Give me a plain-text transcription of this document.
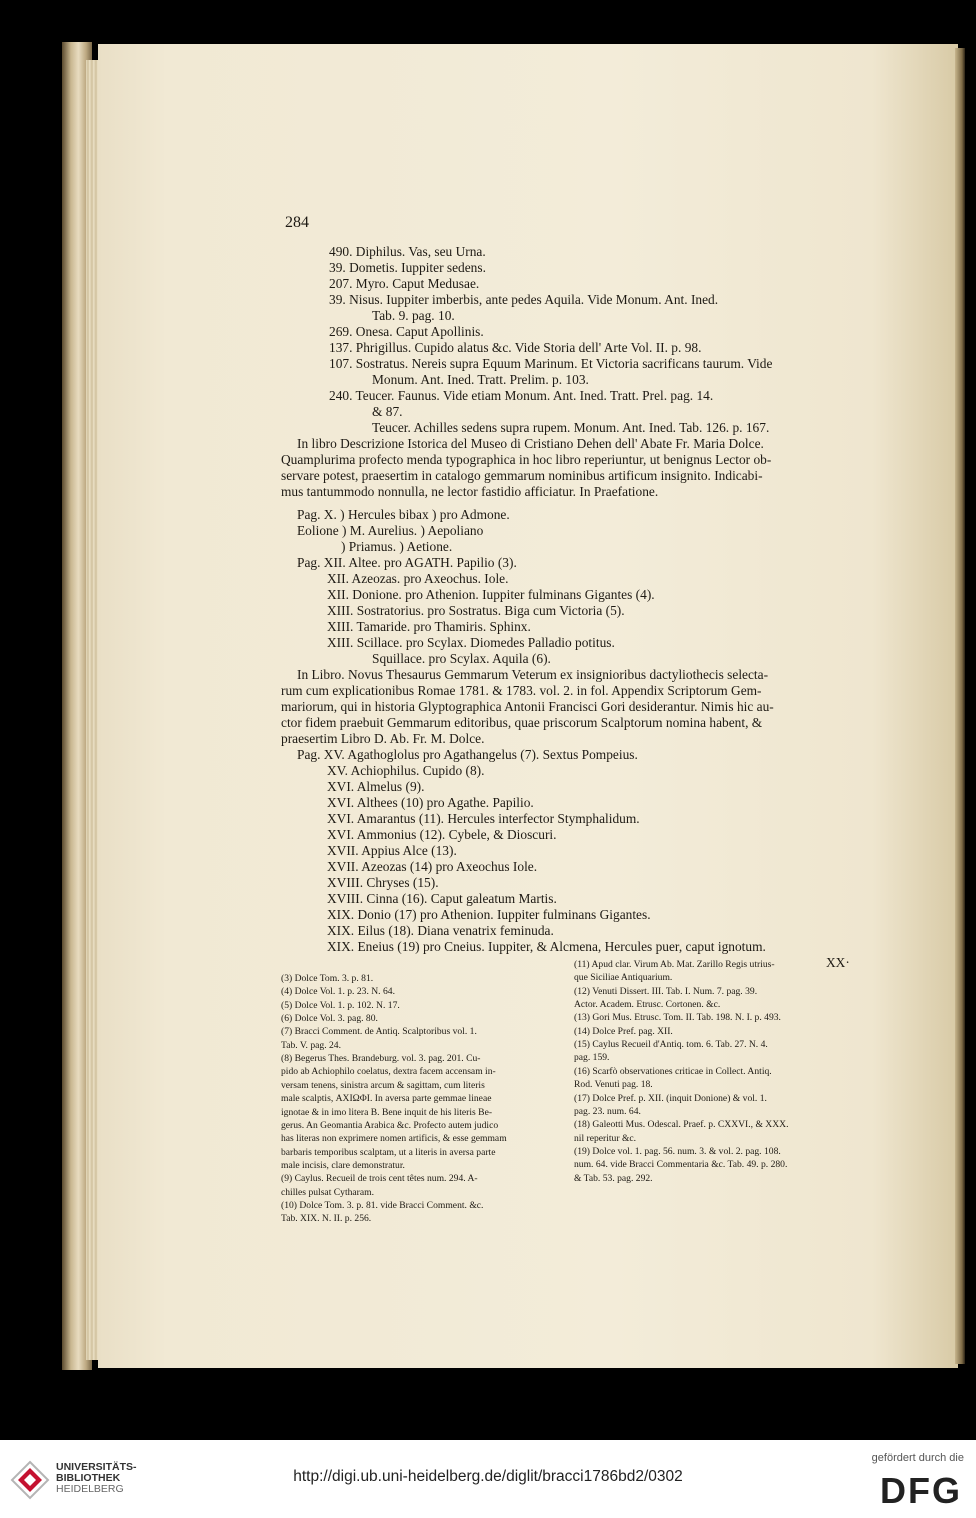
284
490. Diphilus. Vas, seu Urna.
39. Dometis. Iuppiter sedens.
207. Myro. Caput Medusae.
39. Nisus. Iuppiter imberbis, ante pedes Aquila. Vide Monum. Ant. Ined.
Tab. 9. pag. 10.
269. Onesa. Caput Apollinis.
137. Phrigillus. Cupido alatus &c. Vide Storia dell' Arte Vol. II. p. 98.
107. Sostratus. Nereis supra Equum Marinum. Et Victoria sacrificans taurum. Vide
Monum. Ant. Ined. Tratt. Prelim. p. 103.
240. Teucer. Faunus. Vide etiam Monum. Ant. Ined. Tratt. Prel. pag. 14.
& 87.
Teucer. Achilles sedens supra rupem. Monum. Ant. Ined. Tab. 126. p. 167.
In libro Descrizione Istorica del Museo di Cristiano Dehen dell' Abate Fr. Maria Dolce.
Quamplurima profecto menda typographica in hoc libro reperiuntur, ut benignus Lector ob-
servare potest, praesertim in catalogo gemmarum nominibus artificum insignito. Indicabi-
mus tantummodo nonnulla, ne lector fastidio afficiatur. In Praefatione.
Pag. X. ) Hercules bibax ) pro Admone.
Eolione ) M. Aurelius. ) Aepoliano
) Priamus. ) Aetione.
Pag. XII. Altee. pro AGATH. Papilio (3).
XII. Azeozas. pro Axeochus. Iole.
XII. Donione. pro Athenion. Iuppiter fulminans Gigantes (4).
XIII. Sostratorius. pro Sostratus. Biga cum Victoria (5).
XIII. Tamaride. pro Thamiris. Sphinx.
XIII. Scillace. pro Scylax. Diomedes Palladio potitus.
Squillace. pro Scylax. Aquila (6).
In Libro. Novus Thesaurus Gemmarum Veterum ex insignioribus dactyliothecis selecta-
rum cum explicationibus Romae 1781. & 1783. vol. 2. in fol. Appendix Scriptorum Gem-
mariorum, qui in historia Glyptographica Antonii Francisci Gori desiderantur. Nimis hic au-
ctor fidem praebuit Gemmarum editoribus, quae priscorum Scalptorum nomina habent, &
praesertim Libro D. Ab. Fr. M. Dolce.
Pag. XV. Agathoglolus pro Agathangelus (7). Sextus Pompeius.
XV. Achiophilus. Cupido (8).
XVI. Almelus (9).
XVI. Althees (10) pro Agathe. Papilio.
XVI. Amarantus (11). Hercules interfector Stymphalidum.
XVI. Ammonius (12). Cybele, & Dioscuri.
XVII. Appius Alce (13).
XVII. Azeozas (14) pro Axeochus Iole.
XVIII. Chryses (15).
XVIII. Cinna (16). Caput galeatum Martis.
XIX. Donio (17) pro Athenion. Iuppiter fulminans Gigantes.
XIX. Eilus (18). Diana venatrix feminuda.
XIX. Eneius (19) pro Cneius. Iuppiter, & Alcmena, Hercules puer, caput ignotum.
XX·
(3) Dolce Tom. 3. p. 81.
(4) Dolce Vol. 1. p. 23. N. 64.
(5) Dolce Vol. 1. p. 102. N. 17.
(6) Dolce Vol. 3. pag. 80.
(7) Bracci Comment. de Antiq. Scalptoribus vol. 1.
Tab. V. pag. 24.
(8) Begerus Thes. Brandeburg. vol. 3. pag. 201. Cu-
pido ab Achiophilo coelatus, dextra facem accensam in-
versam tenens, sinistra arcum & sagittam, cum literis
male scalptis, ΑΧΙΩΦΙ. In aversa parte gemmae lineae
ignotae & in imo litera B. Bene inquit de his literis Be-
gerus. An Geomantia Arabica &c. Profecto autem judico
has literas non exprimere nomen artificis, & esse gemmam
barbaris temporibus scalptam, ut a literis in aversa parte
male incisis, clare demonstratur.
(9) Caylus. Recueil de trois cent têtes num. 294. A-
chilles pulsat Cytharam.
(10) Dolce Tom. 3. p. 81. vide Bracci Comment. &c.
Tab. XIX. N. II. p. 256.
(11) Apud clar. Virum Ab. Mat. Zarillo Regis utrius-
que Siciliae Antiquarium.
(12) Venuti Dissert. III. Tab. I. Num. 7. pag. 39.
Actor. Academ. Etrusc. Cortonen. &c.
(13) Gori Mus. Etrusc. Tom. II. Tab. 198. N. I. p. 493.
(14) Dolce Pref. pag. XII.
(15) Caylus Recueil d'Antiq. tom. 6. Tab. 27. N. 4.
pag. 159.
(16) Scarfò observationes criticae in Collect. Antiq.
Rod. Venuti pag. 18.
(17) Dolce Pref. p. XII. (inquit Donione) & vol. 1.
pag. 23. num. 64.
(18) Galeotti Mus. Odescal. Praef. p. CXXVI., & XXX.
nil reperitur &c.
(19) Dolce vol. 1. pag. 56. num. 3. & vol. 2. pag. 108.
num. 64. vide Bracci Commentaria &c. Tab. 49. p. 280.
& Tab. 53. pag. 292.
UNIVERSITÄTS-
BIBLIOTHEK
HEIDELBERG
http://digi.ub.uni-heidelberg.de/diglit/bracci1786bd2/0302
gefördert durch die
DFG
